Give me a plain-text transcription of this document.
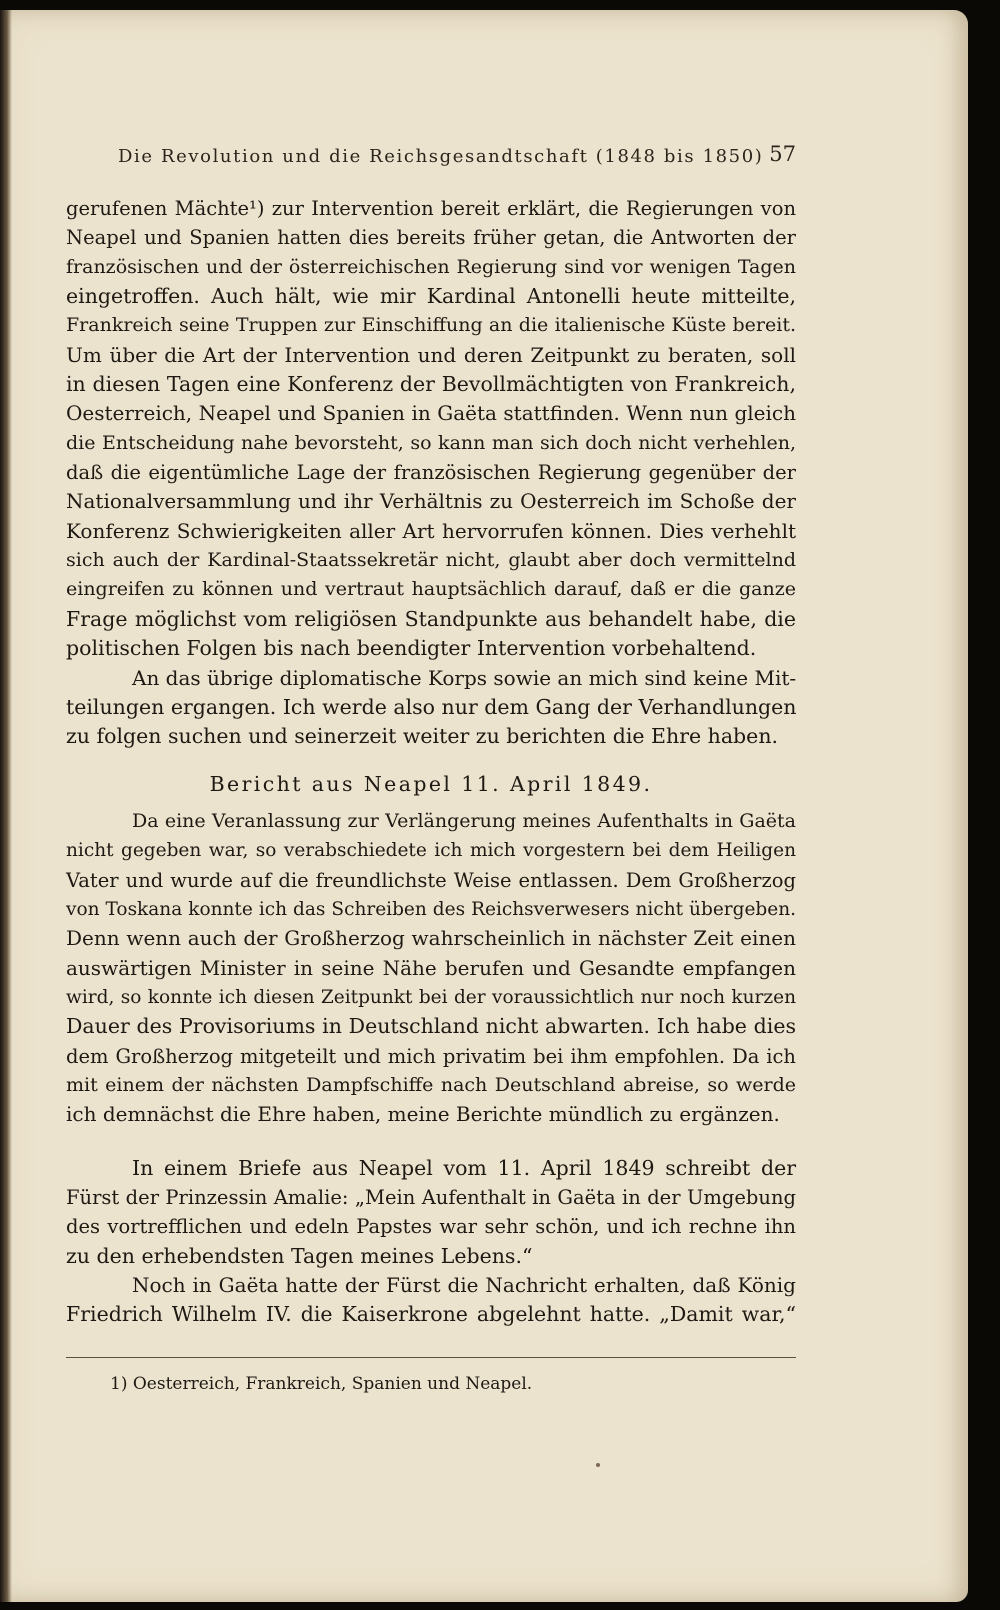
Die Revolution und die Reichsgesandtschaft (1848 bis 1850) 57
gerufenen Mächte¹) zur Intervention bereit erklärt, die Regierungen von
Neapel und Spanien hatten dies bereits früher getan, die Antworten der
französischen und der österreichischen Regierung sind vor wenigen Tagen
eingetroffen. Auch hält, wie mir Kardinal Antonelli heute mitteilte,
Frankreich seine Truppen zur Einschiffung an die italienische Küste bereit.
Um über die Art der Intervention und deren Zeitpunkt zu beraten, soll
in diesen Tagen eine Konferenz der Bevollmächtigten von Frankreich,
Oesterreich, Neapel und Spanien in Gaëta stattfinden. Wenn nun gleich
die Entscheidung nahe bevorsteht, so kann man sich doch nicht verhehlen,
daß die eigentümliche Lage der französischen Regierung gegenüber der
Nationalversammlung und ihr Verhältnis zu Oesterreich im Schoße der
Konferenz Schwierigkeiten aller Art hervorrufen können. Dies verhehlt
sich auch der Kardinal-Staatssekretär nicht, glaubt aber doch vermittelnd
eingreifen zu können und vertraut hauptsächlich darauf, daß er die ganze
Frage möglichst vom religiösen Standpunkte aus behandelt habe, die
politischen Folgen bis nach beendigter Intervention vorbehaltend.
An das übrige diplomatische Korps sowie an mich sind keine Mit-
teilungen ergangen. Ich werde also nur dem Gang der Verhandlungen
zu folgen suchen und seinerzeit weiter zu berichten die Ehre haben.
Bericht aus Neapel 11. April 1849.
Da eine Veranlassung zur Verlängerung meines Aufenthalts in Gaëta
nicht gegeben war, so verabschiedete ich mich vorgestern bei dem Heiligen
Vater und wurde auf die freundlichste Weise entlassen. Dem Großherzog
von Toskana konnte ich das Schreiben des Reichsverwesers nicht übergeben.
Denn wenn auch der Großherzog wahrscheinlich in nächster Zeit einen
auswärtigen Minister in seine Nähe berufen und Gesandte empfangen
wird, so konnte ich diesen Zeitpunkt bei der voraussichtlich nur noch kurzen
Dauer des Provisoriums in Deutschland nicht abwarten. Ich habe dies
dem Großherzog mitgeteilt und mich privatim bei ihm empfohlen. Da ich
mit einem der nächsten Dampfschiffe nach Deutschland abreise, so werde
ich demnächst die Ehre haben, meine Berichte mündlich zu ergänzen.
In einem Briefe aus Neapel vom 11. April 1849 schreibt der
Fürst der Prinzessin Amalie: „Mein Aufenthalt in Gaëta in der Umgebung
des vortrefflichen und edeln Papstes war sehr schön, und ich rechne ihn
zu den erhebendsten Tagen meines Lebens.“
Noch in Gaëta hatte der Fürst die Nachricht erhalten, daß König
Friedrich Wilhelm IV. die Kaiserkrone abgelehnt hatte. „Damit war,“
1) Oesterreich, Frankreich, Spanien und Neapel.
